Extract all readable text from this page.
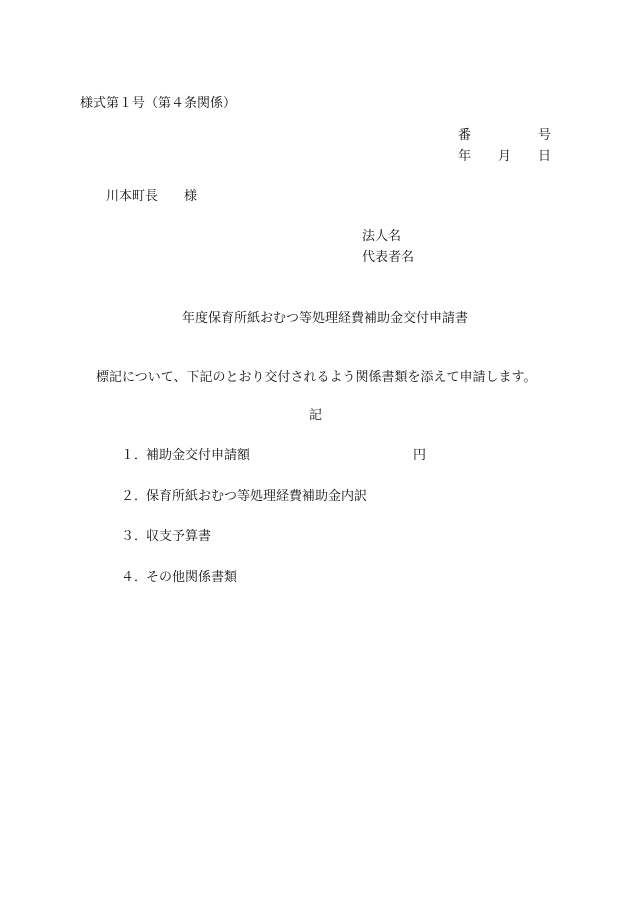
様式第１号（第４条関係）
番	号
年 月 日
川本町長 様
法人名
代表者名
年度保育所紙おむつ等処理経費補助金交付申請書
標記について、下記のとおり交付されるよう関係書類を添えて申請します。
記
１．
補助金交付申請額	円
２．
保育所紙おむつ等処理経費補助金内訳
３．
収支予算書
４．
その他関係書類
